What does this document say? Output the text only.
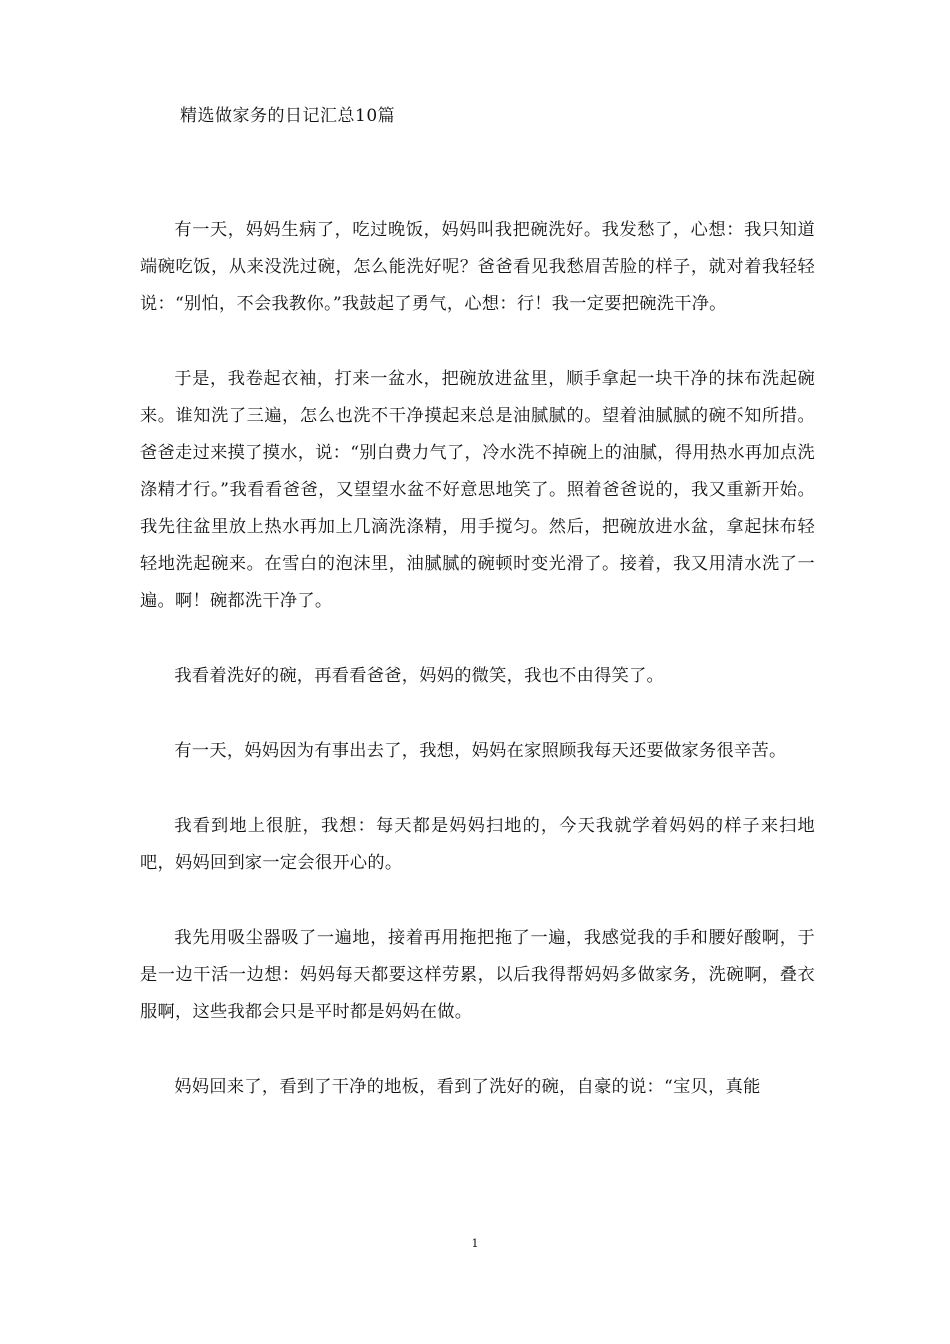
精选做家务的日记汇总10篇

有一天，妈妈生病了，吃过晚饭，妈妈叫我把碗洗好。我发愁了，心想：我只知道端碗吃饭，从来没洗过碗，怎么能洗好呢？爸爸看见我愁眉苦脸的样子，就对着我轻轻说：“别怕，不会我教你。”我鼓起了勇气，心想：行！我一定要把碗洗干净。

于是，我卷起衣袖，打来一盆水，把碗放进盆里，顺手拿起一块干净的抹布洗起碗来。谁知洗了三遍，怎么也洗不干净摸起来总是油腻腻的。望着油腻腻的碗不知所措。爸爸走过来摸了摸水，说：“别白费力气了，冷水洗不掉碗上的油腻，得用热水再加点洗涤精才行。”我看看爸爸，又望望水盆不好意思地笑了。照着爸爸说的，我又重新开始。我先往盆里放上热水再加上几滴洗涤精，用手搅匀。然后，把碗放进水盆，拿起抹布轻轻地洗起碗来。在雪白的泡沫里，油腻腻的碗顿时变光滑了。接着，我又用清水洗了一遍。啊！碗都洗干净了。

我看着洗好的碗，再看看爸爸，妈妈的微笑，我也不由得笑了。

有一天，妈妈因为有事出去了，我想，妈妈在家照顾我每天还要做家务很辛苦。

我看到地上很脏，我想：每天都是妈妈扫地的，今天我就学着妈妈的样子来扫地吧，妈妈回到家一定会很开心的。

我先用吸尘器吸了一遍地，接着再用拖把拖了一遍，我感觉我的手和腰好酸啊，于是一边干活一边想：妈妈每天都要这样劳累，以后我得帮妈妈多做家务，洗碗啊，叠衣服啊，这些我都会只是平时都是妈妈在做。

妈妈回来了，看到了干净的地板，看到了洗好的碗，自豪的说：“宝贝，真能

1
